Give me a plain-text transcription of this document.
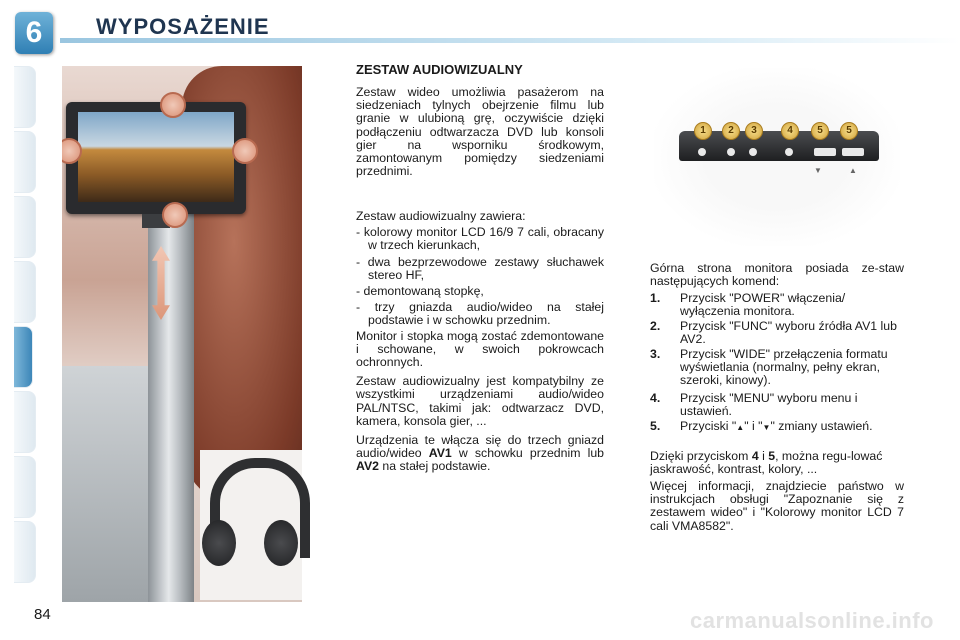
6	WYPOSAŻENIE
ZESTAW AUDIOWIZUALNY
Zestaw wideo umożliwia pasażerom na siedzeniach tylnych obejrzenie filmu lub granie w ulubioną grę, oczywiście dzięki podłączeniu odtwarzacza DVD lub konsoli gier na wsporniku środkowym, zamontowanym pomiędzy siedzeniami przednimi.
Zestaw audiowizualny zawiera:
- kolorowy monitor LCD 16/9 7 cali, obracany w trzech kierunkach,
- dwa bezprzewodowe zestawy słuchawek stereo HF,
- demontowaną stopkę,
- trzy gniazda audio/wideo na stałej podstawie i w schowku przednim.
Monitor i stopka mogą zostać zdemontowane i schowane, w swoich pokrowcach ochronnych.
Zestaw audiowizualny jest kompatybilny ze wszystkimi urządzeniami audio/wideo PAL/NTSC, takimi jak: odtwarzacz DVD, kamera, konsola gier, ...
Urządzenia te włącza się do trzech gniazd audio/wideo AV1 w schowku przednim lub AV2 na stałej podstawie.
1	2	3	4	5	5
▼	▲
Górna strona monitora posiada ze-staw następujących komend:
1. Przycisk "POWER" włączenia/ wyłączenia monitora.
2. Przycisk "FUNC" wyboru źródła AV1 lub AV2.
3. Przycisk "WIDE" przełączenia formatu wyświetlania (normalny, pełny ekran, szeroki, kinowy).
4. Przycisk "MENU" wyboru menu i ustawień.
5. Przyciski "▲" i "▼" zmiany ustawień.
Dzięki przyciskom 4 i 5, można regu-lować jaskrawość, kontrast, kolory, ...
Więcej informacji, znajdziecie państwo w instrukcjach obsługi "Zapoznanie się z zestawem wideo" i "Kolorowy monitor LCD 7 cali VMA8582".
84	carmanualsonline.info
